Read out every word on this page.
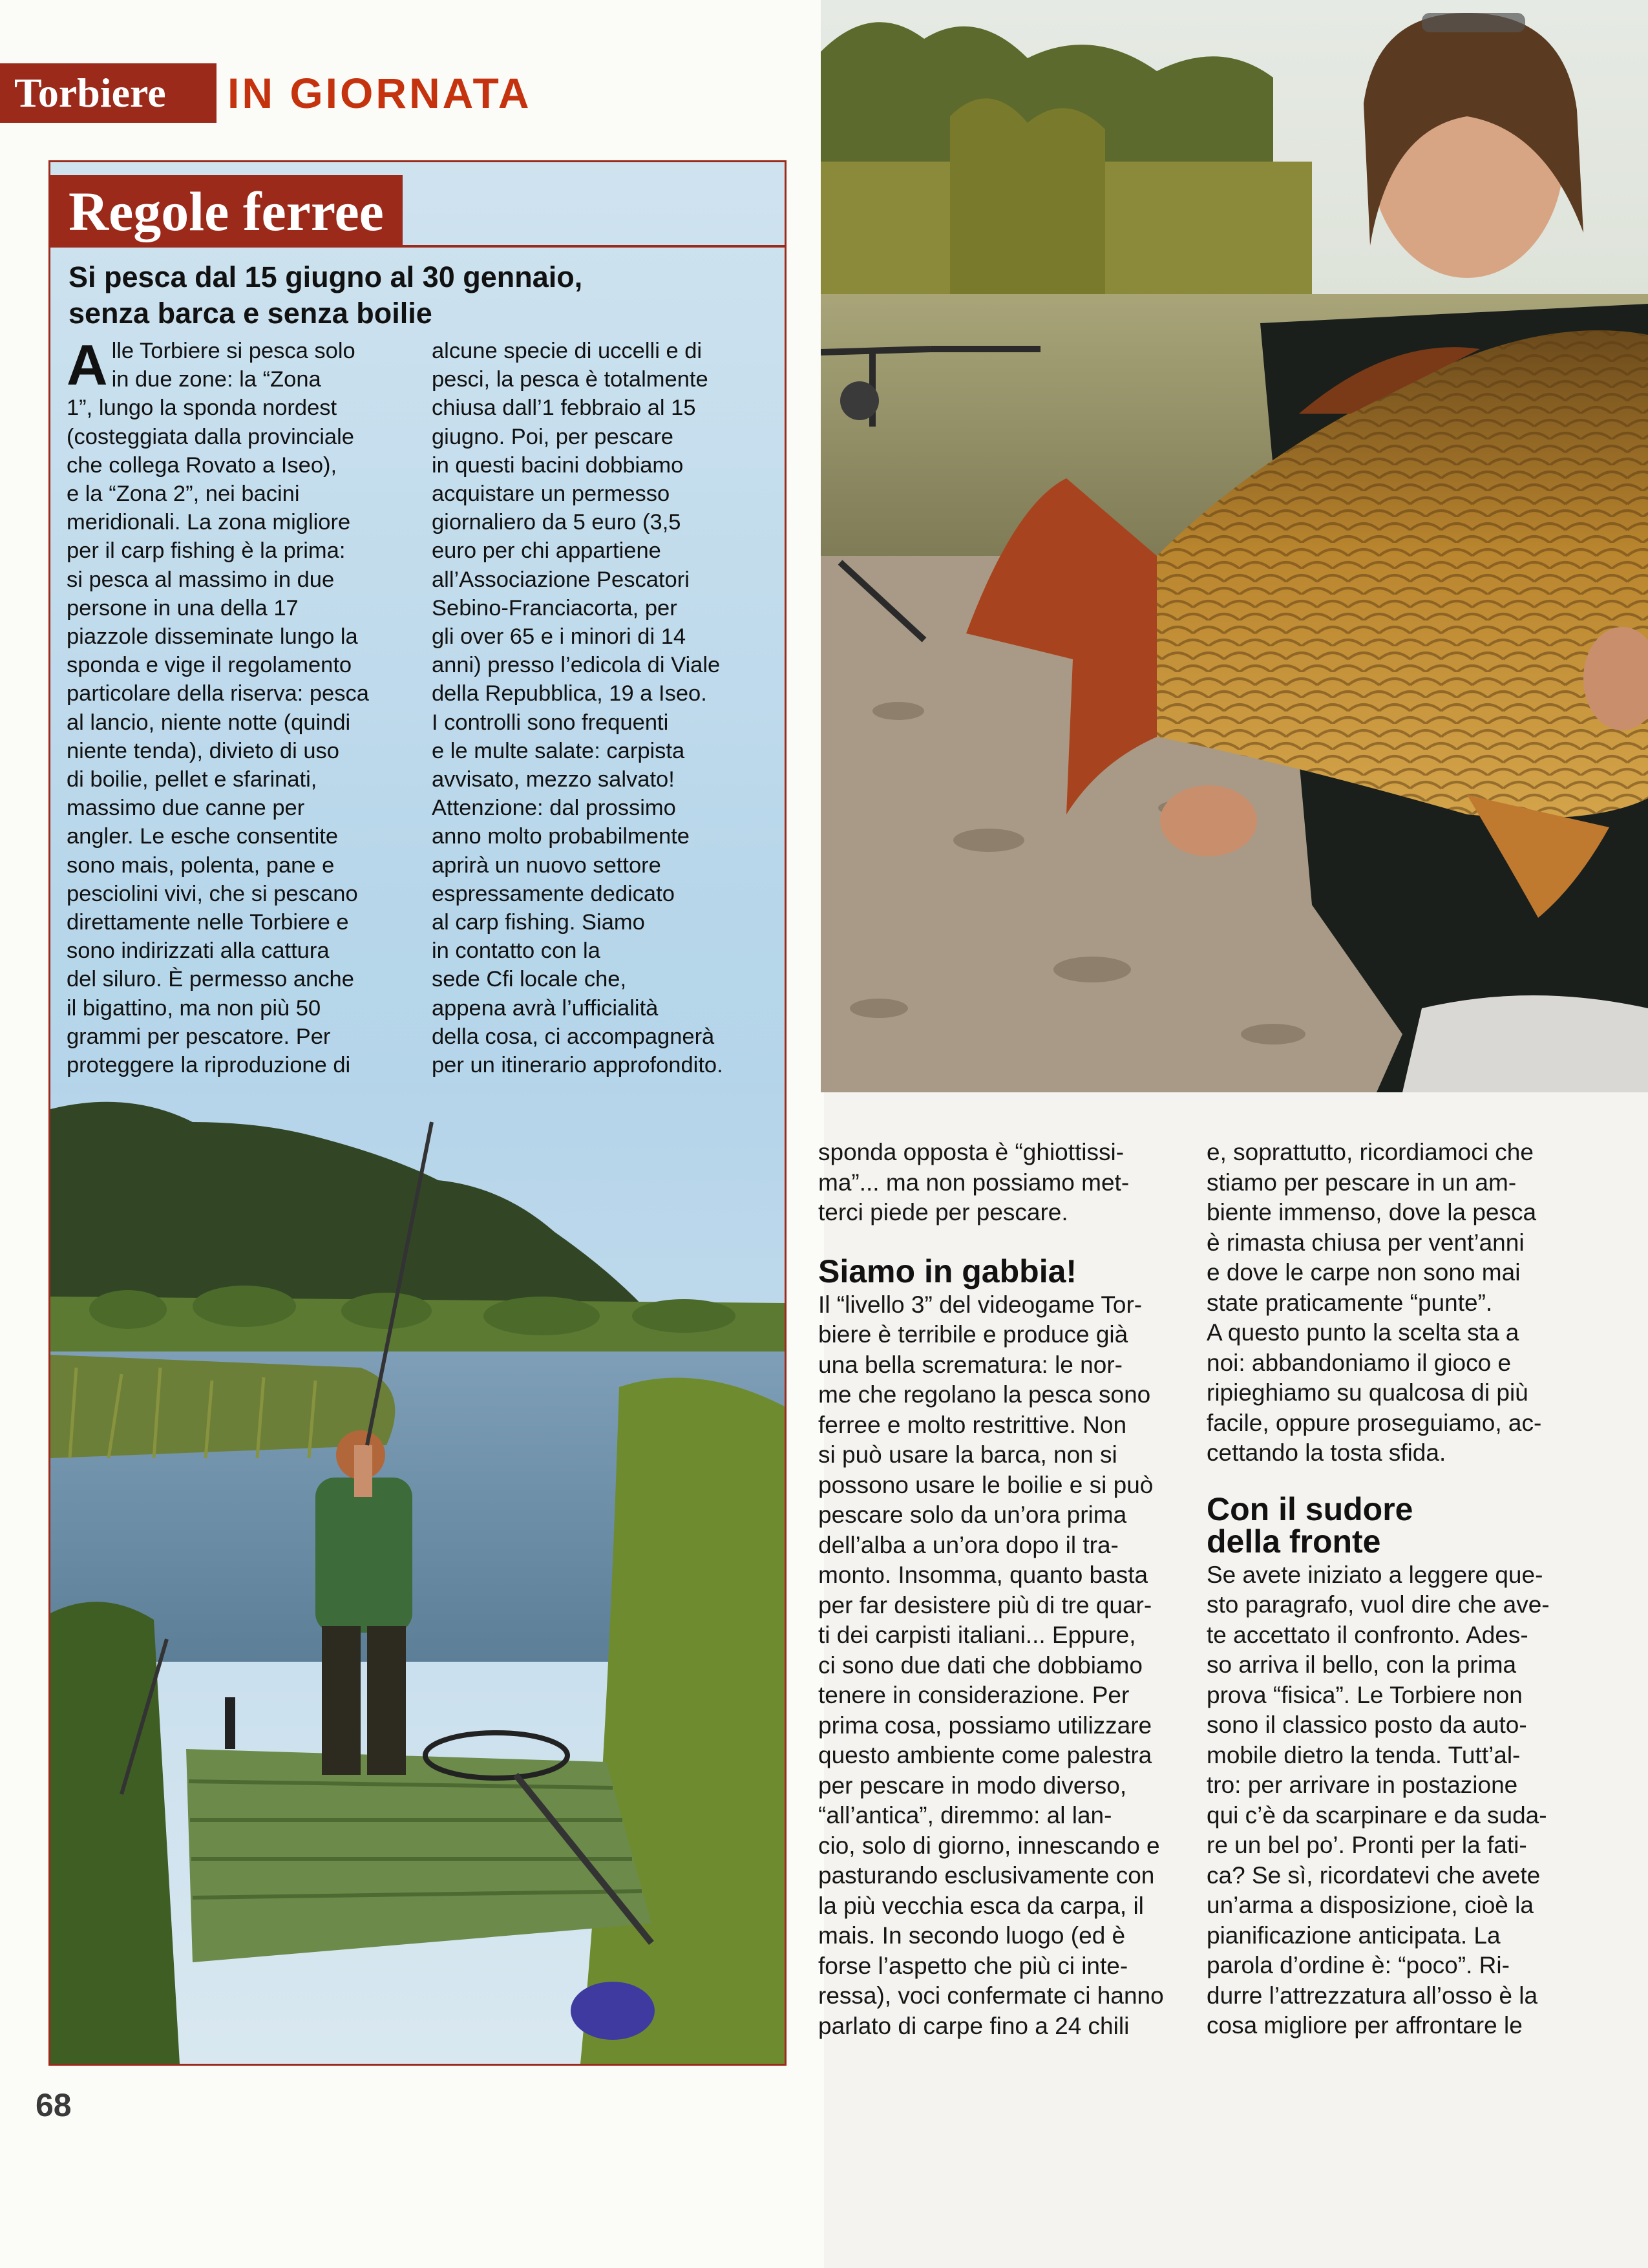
Torbiere IN GIORNATA
Regole ferree
Si pesca dal 15 giugno al 30 gennaio,
senza barca e senza boilie
A lle Torbiere si pesca solo
in due zone: la “Zona
1”, lungo la sponda nordest
(costeggiata dalla provinciale
che collega Rovato a Iseo),
e la “Zona 2”, nei bacini
meridionali. La zona migliore
per il carp fishing è la prima:
si pesca al massimo in due
persone in una della 17
piazzole disseminate lungo la
sponda e vige il regolamento
particolare della riserva: pesca
al lancio, niente notte (quindi
niente tenda), divieto di uso
di boilie, pellet e sfarinati,
massimo due canne per
angler. Le esche consentite
sono mais, polenta, pane e
pesciolini vivi, che si pescano
direttamente nelle Torbiere e
sono indirizzati alla cattura
del siluro. È permesso anche
il bigattino, ma non più 50
grammi per pescatore. Per
proteggere la riproduzione di
alcune specie di uccelli e di
pesci, la pesca è totalmente
chiusa dall’1 febbraio al 15
giugno. Poi, per pescare
in questi bacini dobbiamo
acquistare un permesso
giornaliero da 5 euro (3,5
euro per chi appartiene
all’Associazione Pescatori
Sebino-Franciacorta, per
gli over 65 e i minori di 14
anni) presso l’edicola di Viale
della Repubblica, 19 a Iseo.
I controlli sono frequenti
e le multe salate: carpista
avvisato, mezzo salvato!
Attenzione: dal prossimo
anno molto probabilmente
aprirà un nuovo settore
espressamente dedicato
al carp fishing. Siamo
in contatto con la
sede Cfi locale che,
appena avrà l’ufficialità
della cosa, ci accompagnerà
per un itinerario approfondito.
sponda opposta è “ghiottissi-
ma”... ma non possiamo met-
terci piede per pescare.
Siamo in gabbia!
Il “livello 3” del videogame Tor-
biere è terribile e produce già
una bella scrematura: le nor-
me che regolano la pesca sono
ferree e molto restrittive. Non
si può usare la barca, non si
possono usare le boilie e si può
pescare solo da un’ora prima
dell’alba a un’ora dopo il tra-
monto. Insomma, quanto basta
per far desistere più di tre quar-
ti dei carpisti italiani... Eppure,
ci sono due dati che dobbiamo
tenere in considerazione. Per
prima cosa, possiamo utilizzare
questo ambiente come palestra
per pescare in modo diverso,
“all’antica”, diremmo: al lan-
cio, solo di giorno, innescando e
pasturando esclusivamente con
la più vecchia esca da carpa, il
mais. In secondo luogo (ed è
forse l’aspetto che più ci inte-
ressa), voci confermate ci hanno
parlato di carpe fino a 24 chili
e, soprattutto, ricordiamoci che
stiamo per pescare in un am-
biente immenso, dove la pesca
è rimasta chiusa per vent’anni
e dove le carpe non sono mai
state praticamente “punte”.
A questo punto la scelta sta a
noi: abbandoniamo il gioco e
ripieghiamo su qualcosa di più
facile, oppure proseguiamo, ac-
cettando la tosta sfida.
Con il sudore
della fronte
Se avete iniziato a leggere que-
sto paragrafo, vuol dire che ave-
te accettato il confronto. Ades-
so arriva il bello, con la prima
prova “fisica”. Le Torbiere non
sono il classico posto da auto-
mobile dietro la tenda. Tutt’al-
tro: per arrivare in postazione
qui c’è da scarpinare e da suda-
re un bel po’. Pronti per la fati-
ca? Se sì, ricordatevi che avete
un’arma a disposizione, cioè la
pianificazione anticipata. La
parola d’ordine è: “poco”. Ri-
durre l’attrezzatura all’osso è la
cosa migliore per affrontare le
68
